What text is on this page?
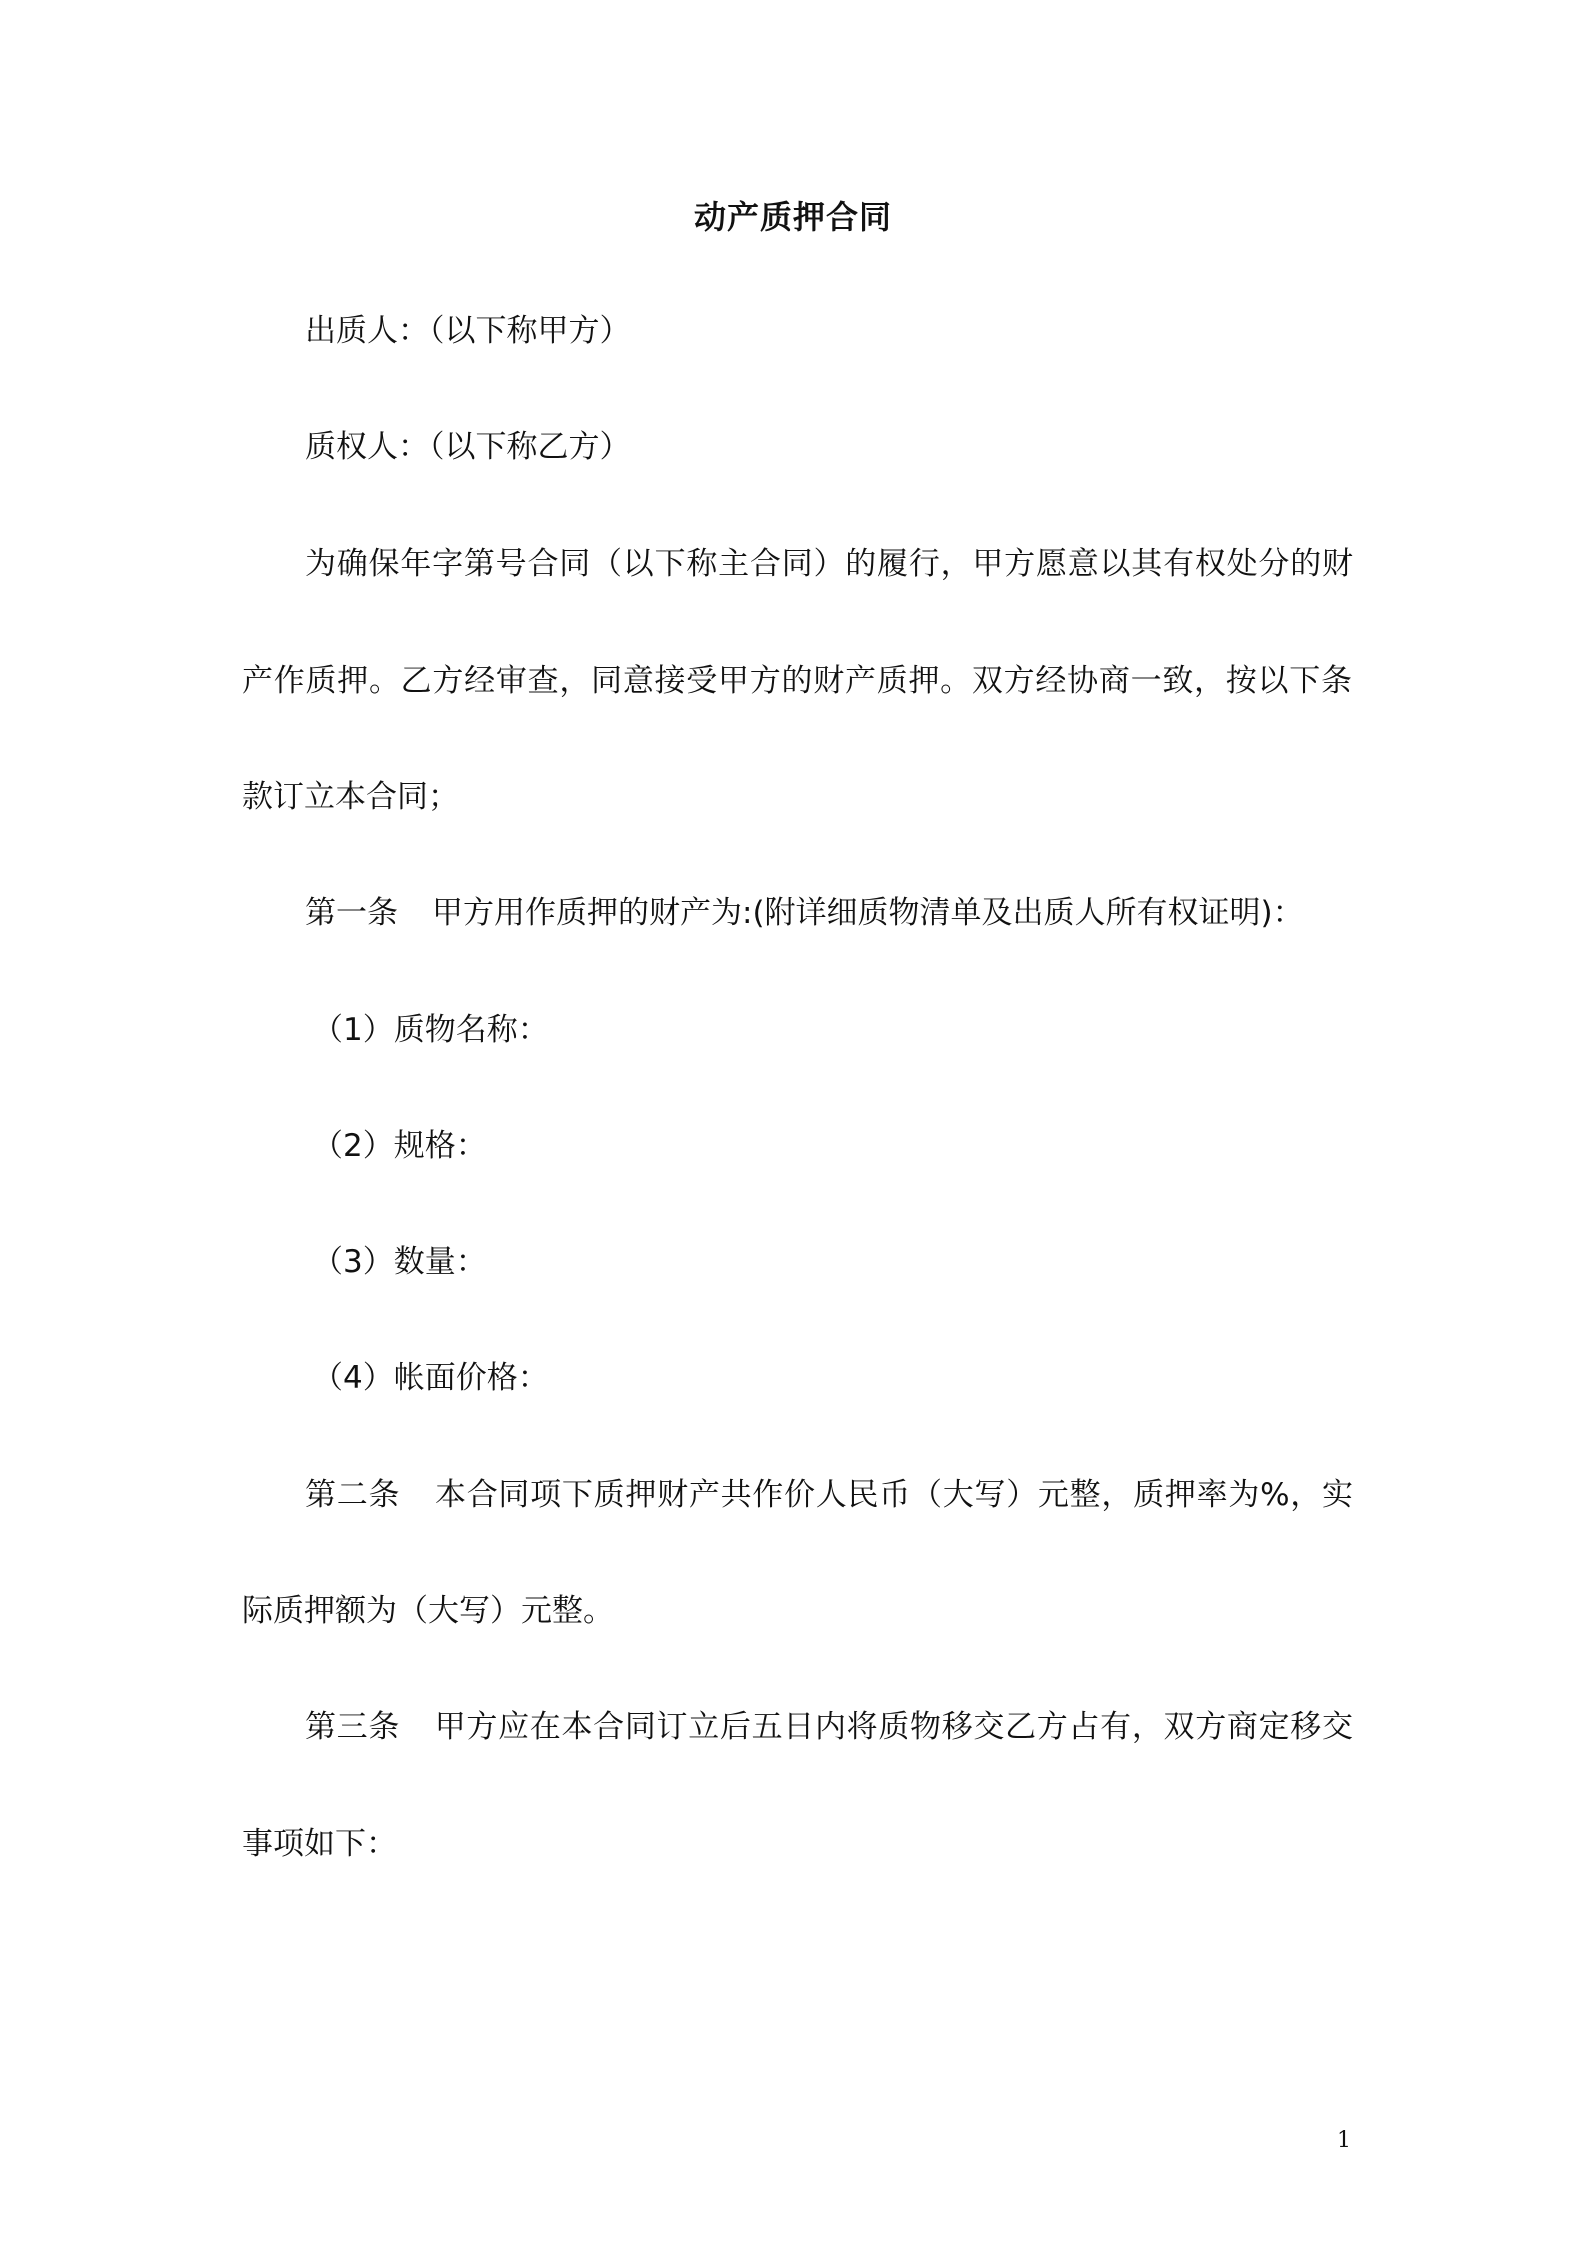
动产质押合同
出质人：（以下称甲方）
质权人：（以下称乙方）
为确保年字第号合同（以下称主合同）的履行，甲方愿意以其有权处分的财
产作质押。乙方经审查，同意接受甲方的财产质押。双方经协商一致，按以下条
款订立本合同；
第一条 甲方用作质押的财产为:(附详细质物清单及出质人所有权证明)：
（1）质物名称：
（2）规格：
（3）数量：
（4）帐面价格：
第二条 本合同项下质押财产共作价人民币（大写）元整，质押率为%，实
际质押额为（大写）元整。
第三条 甲方应在本合同订立后五日内将质物移交乙方占有，双方商定移交
事项如下：
1
